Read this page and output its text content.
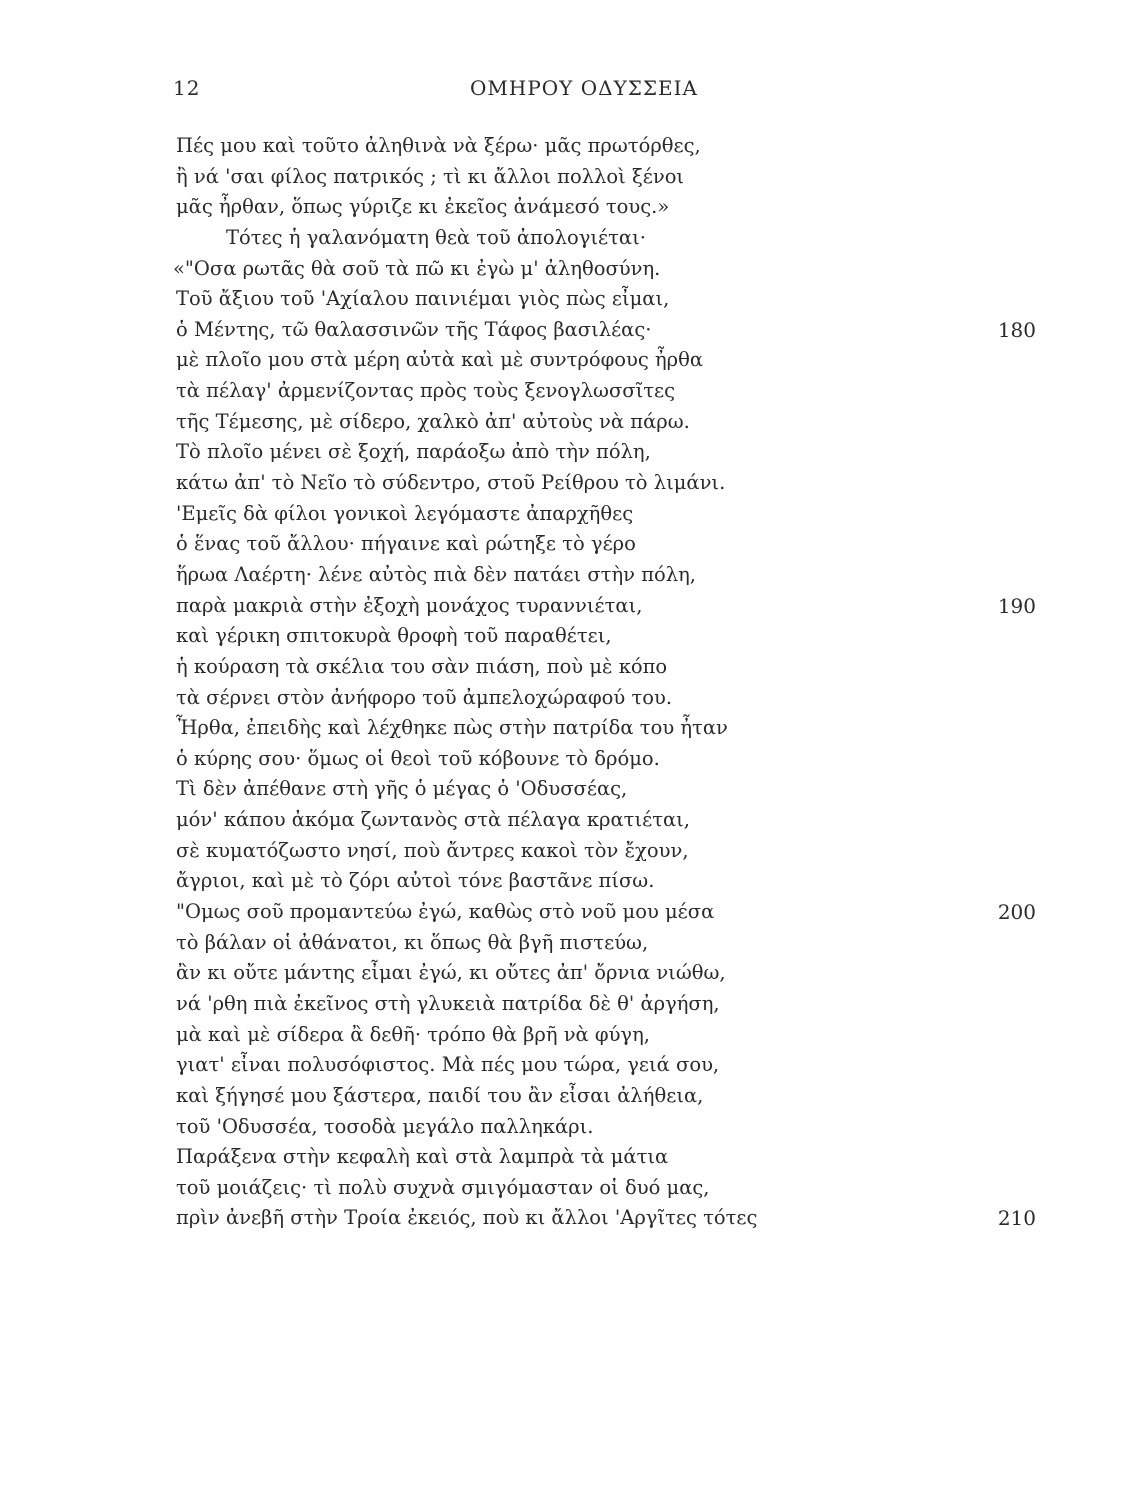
12	ΟΜΗΡΟΥ ΟΔΥΣΣΕΙΑ
Πές μου καὶ τοῦτο ἀληθινὰ νὰ ξέρω· μᾶς πρωτόρθες,
ἢ νά 'σαι φίλος πατρικός ; τὶ κι ἄλλοι πολλοὶ ξένοι
μᾶς ἦρθαν, ὅπως γύριζε κι ἐκεῖος ἀνάμεσό τους.»
Τότες ἡ γαλανόματη θεὰ τοῦ ἀπολογιέται·
«"Οσα ρωτᾶς θὰ σοῦ τὰ πῶ κι ἐγὼ μ' ἀληθοσύνη.
Τοῦ ἄξιου τοῦ 'Αχίαλου παινιέμαι γιὸς πὼς εἶμαι,
ὁ Μέντης, τῶ θαλασσινῶν τῆς Τάφος βασιλέας·	180
μὲ πλοῖο μου στὰ μέρη αὐτὰ καὶ μὲ συντρόφους ἦρθα
τὰ πέλαγ' ἀρμενίζοντας πρὸς τοὺς ξενογλωσσῖτες
τῆς Τέμεσης, μὲ σίδερο, χαλκὸ ἀπ' αὐτοὺς νὰ πάρω.
Τὸ πλοῖο μένει σὲ ξοχή, παράοξω ἀπὸ τὴν πόλη,
κάτω ἀπ' τὸ Νεῖο τὸ σύδεντρο, στοῦ Ρείθρου τὸ λιμάνι.
'Εμεῖς δὰ φίλοι γονικοὶ λεγόμαστε ἀπαρχῆθες
ὁ ἕνας τοῦ ἄλλου· πήγαινε καὶ ρώτηξε τὸ γέρο
ἥρωα Λαέρτη· λένε αὐτὸς πιὰ δὲν πατάει στὴν πόλη,
παρὰ μακριὰ στὴν ἐξοχὴ μονάχος τυραννιέται,	190
καὶ γέρικη σπιτοκυρὰ θροφὴ τοῦ παραθέτει,
ἡ κούραση τὰ σκέλια του σὰν πιάση, ποὺ μὲ κόπο
τὰ σέρνει στὸν ἀνήφορο τοῦ ἀμπελοχώραφού του.
Ἦρθα, ἐπειδὴς καὶ λέχθηκε πὼς στὴν πατρίδα του ἦταν
ὁ κύρης σου· ὅμως οἱ θεοὶ τοῦ κόβουνε τὸ δρόμο.
Τὶ δὲν ἀπέθανε στὴ γῆς ὁ μέγας ὁ 'Οδυσσέας,
μόν' κάπου ἀκόμα ζωντανὸς στὰ πέλαγα κρατιέται,
σὲ κυματόζωστο νησί, ποὺ ἄντρες κακοὶ τὸν ἔχουν,
ἄγριοι, καὶ μὲ τὸ ζόρι αὐτοὶ τόνε βαστᾶνε πίσω.
"Ομως σοῦ προμαντεύω ἐγώ, καθὼς στὸ νοῦ μου μέσα	200
τὸ βάλαν οἱ ἀθάνατοι, κι ὅπως θὰ βγῆ πιστεύω,
ἂν κι οὔτε μάντης εἶμαι ἐγώ, κι οὔτες ἀπ' ὄρνια νιώθω,
νά 'ρθη πιὰ ἐκεῖνος στὴ γλυκειὰ πατρίδα δὲ θ' ἀργήση,
μὰ καὶ μὲ σίδερα ἂ δεθῆ· τρόπο θὰ βρῆ νὰ φύγη,
γιατ' εἶναι πολυσόφιστος. Μὰ πές μου τώρα, γειά σου,
καὶ ξήγησέ μου ξάστερα, παιδί του ἂν εἶσαι ἀλήθεια,
τοῦ 'Οδυσσέα, τοσοδὰ μεγάλο παλληκάρι.
Παράξενα στὴν κεφαλὴ καὶ στὰ λαμπρὰ τὰ μάτια
τοῦ μοιάζεις· τὶ πολὺ συχνὰ σμιγόμασταν οἱ δυό μας,
πρὶν ἀνεβῆ στὴν Τροία ἐκειός, ποὺ κι ἄλλοι 'Αργῖτες τότες	210
